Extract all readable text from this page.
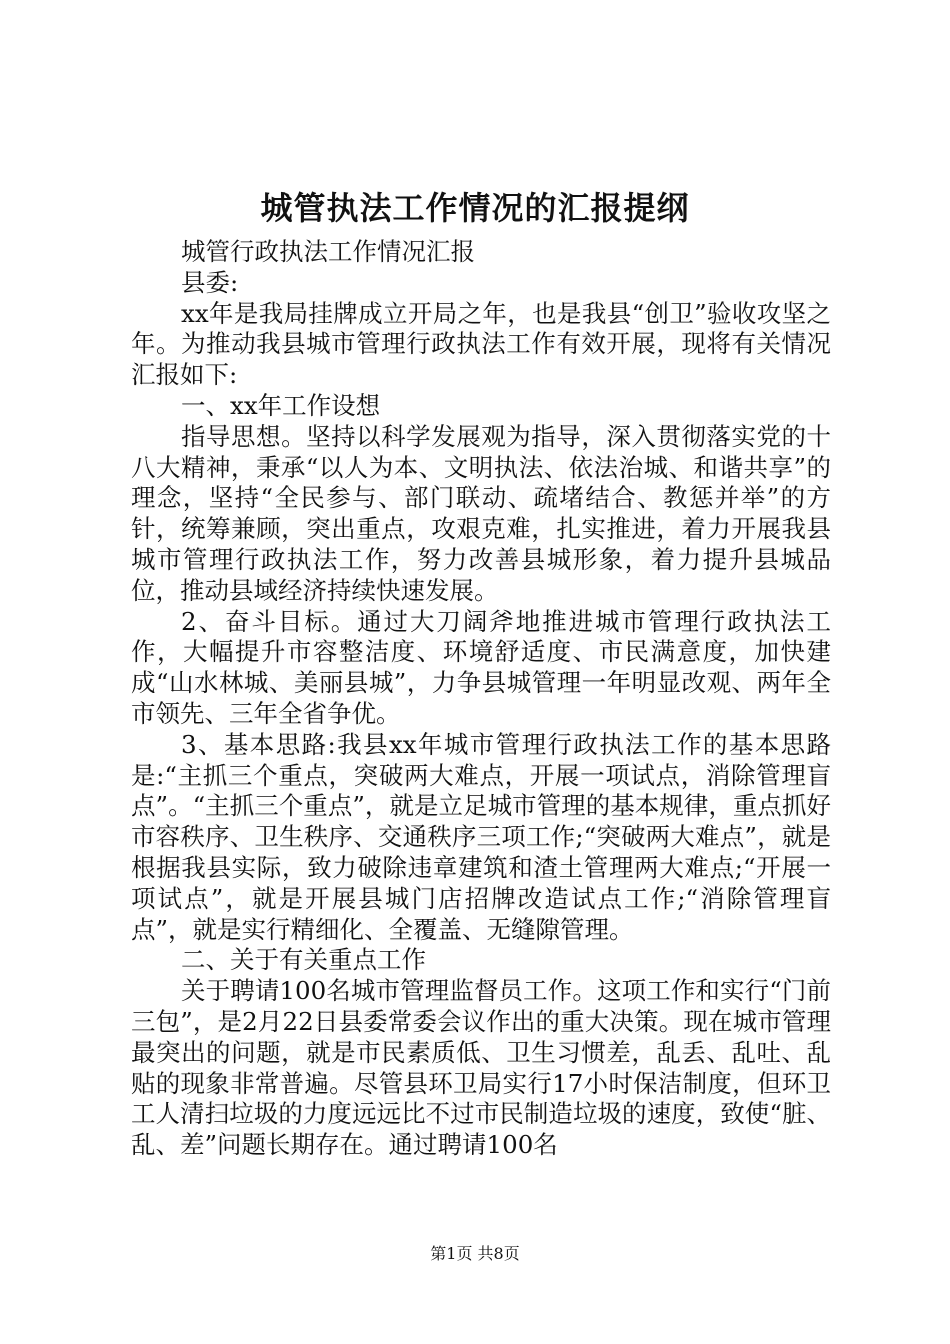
城管执法工作情况的汇报提纲

城管行政执法工作情况汇报

县委:

xx年是我局挂牌成立开局之年，也是我县“创卫”验收攻坚之年。为推动我县城市管理行政执法工作有效开展，现将有关情况汇报如下:

一、xx年工作设想

指导思想。坚持以科学发展观为指导，深入贯彻落实党的十八大精神，秉承“以人为本、文明执法、依法治城、和谐共享”的理念，坚持“全民参与、部门联动、疏堵结合、教惩并举”的方针，统筹兼顾，突出重点，攻艰克难，扎实推进，着力开展我县城市管理行政执法工作，努力改善县城形象，着力提升县城品位，推动县域经济持续快速发展。

2、奋斗目标。通过大刀阔斧地推进城市管理行政执法工作，大幅提升市容整洁度、环境舒适度、市民满意度，加快建成“山水林城、美丽县城”，力争县城管理一年明显改观、两年全市领先、三年全省争优。

3、基本思路:我县xx年城市管理行政执法工作的基本思路是:“主抓三个重点，突破两大难点，开展一项试点，消除管理盲点”。“主抓三个重点”，就是立足城市管理的基本规律，重点抓好市容秩序、卫生秩序、交通秩序三项工作;“突破两大难点”，就是根据我县实际，致力破除违章建筑和渣土管理两大难点;“开展一项试点”，就是开展县城门店招牌改造试点工作;“消除管理盲点”，就是实行精细化、全覆盖、无缝隙管理。

二、关于有关重点工作

关于聘请100名城市管理监督员工作。这项工作和实行“门前三包”，是2月22日县委常委会议作出的重大决策。现在城市管理最突出的问题，就是市民素质低、卫生习惯差，乱丢、乱吐、乱贴的现象非常普遍。尽管县环卫局实行17小时保洁制度，但环卫工人清扫垃圾的力度远远比不过市民制造垃圾的速度，致使“脏、乱、差”问题长期存在。通过聘请100名

第1页 共8页
